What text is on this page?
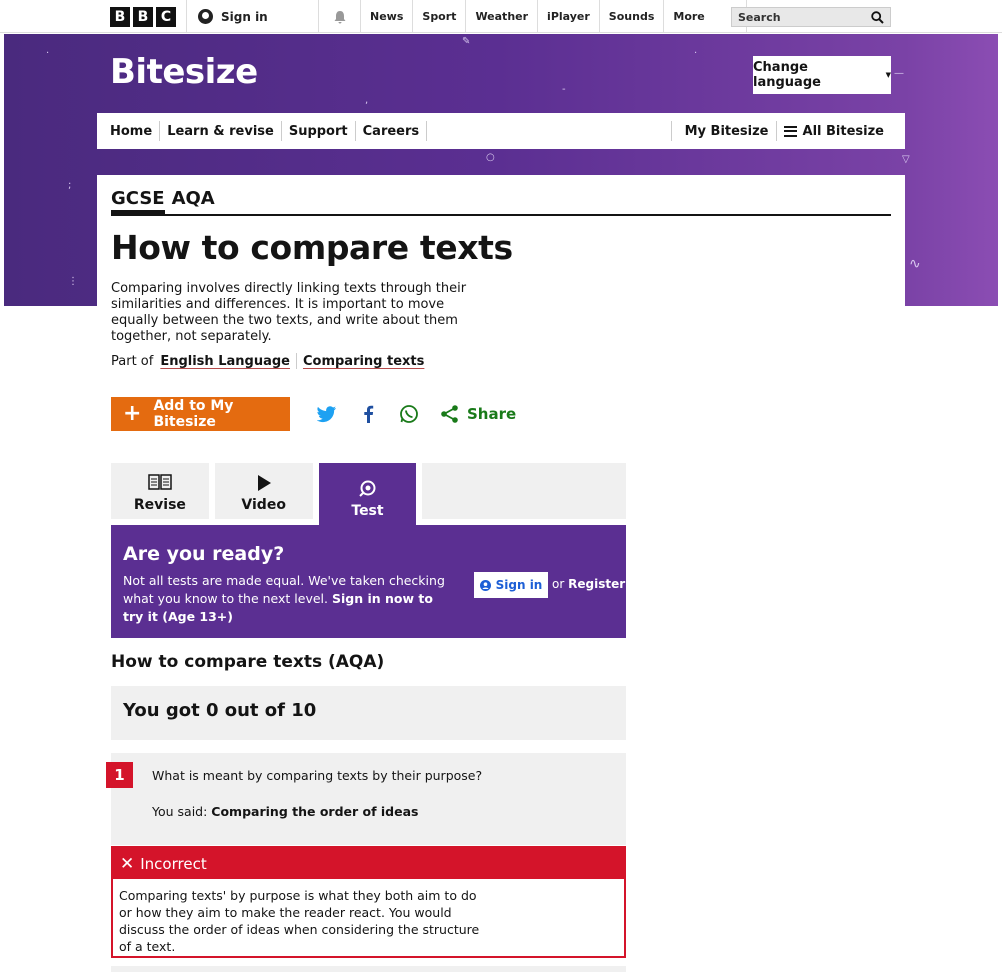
B B C	Sign in	News	Sport	Weather	iPlayer	Sounds	More	Search
·
✎
,
-
·
○
;
⋮
▽
∿
—
Bitesize	Change language	▼
Home	Learn & revise	Support	Careers	My Bitesize	All Bitesize
GCSE AQA
How to compare texts

Comparing involves directly linking texts through their similarities and differences. It is important to move equally between the two texts, and write about them together, not separately.

Part of English Language	Comparing texts
+ Add to My Bitesize	Share
Revise	Video	Test
Are you ready?

Not all tests are made equal. We've taken checking what you know to the next level. Sign in now to try it (Age 13+)

Sign in or Register
How to compare texts (AQA)
You got 0 out of 10
1	What is meant by comparing texts by their purpose?
You said: Comparing the order of ideas
✕ Incorrect
Comparing texts' by purpose is what they both aim to do or how they aim to make the reader react. You would discuss the order of ideas when considering the structure of a text.
